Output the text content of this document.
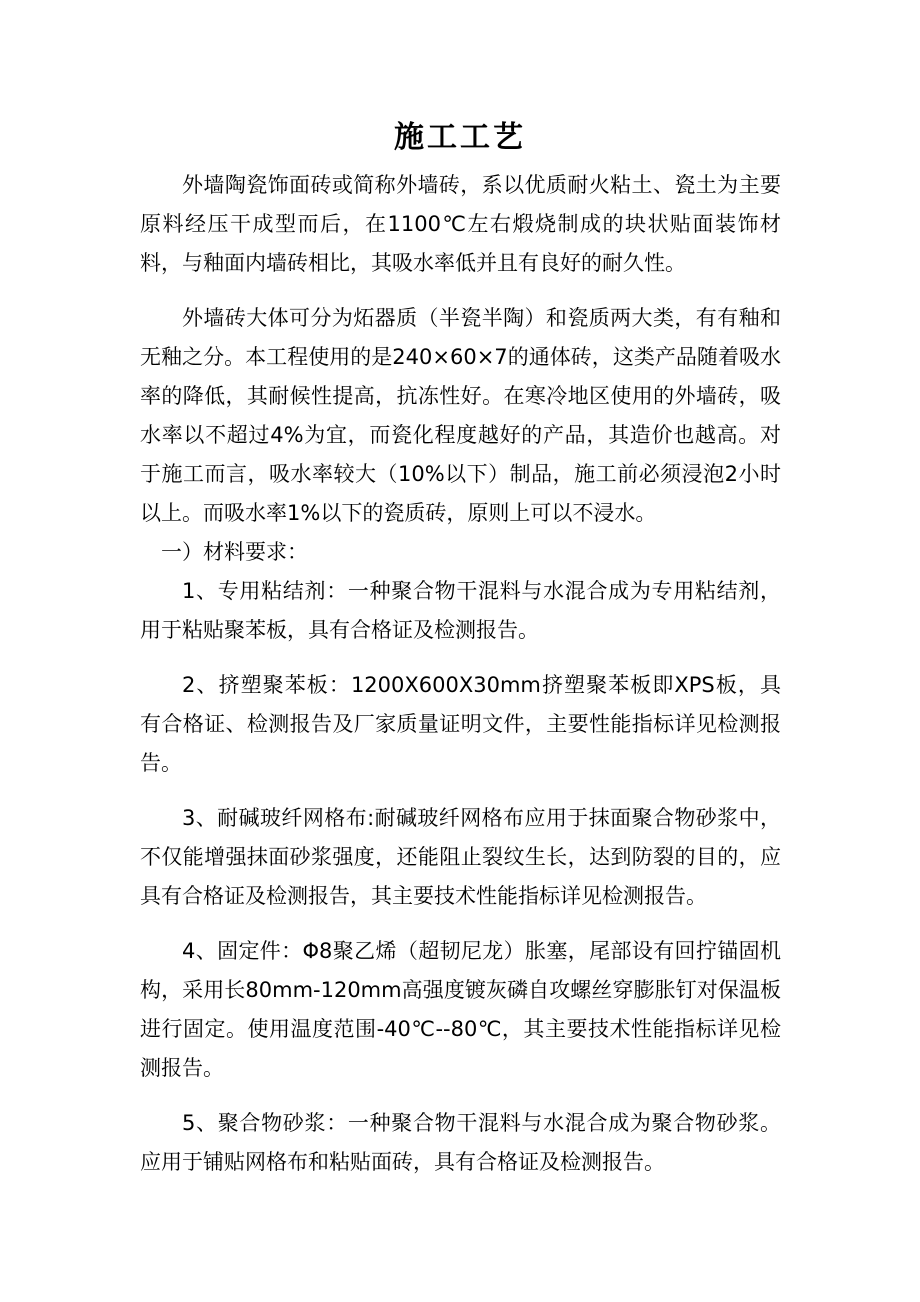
施工工艺

外墙陶瓷饰面砖或简称外墙砖，系以优质耐火粘土、瓷土为主要原料经压干成型而后，在1100℃左右煅烧制成的块状贴面装饰材料，与釉面内墙砖相比，其吸水率低并且有良好的耐久性。

外墙砖大体可分为炻器质（半瓷半陶）和瓷质两大类，有有釉和无釉之分。本工程使用的是240×60×7的通体砖，这类产品随着吸水率的降低，其耐候性提高，抗冻性好。在寒冷地区使用的外墙砖，吸水率以不超过4%为宜，而瓷化程度越好的产品，其造价也越高。对于施工而言，吸水率较大（10%以下）制品，施工前必须浸泡2小时以上。而吸水率1%以下的瓷质砖，原则上可以不浸水。

一）材料要求：

1、专用粘结剂：一种聚合物干混料与水混合成为专用粘结剂，用于粘贴聚苯板，具有合格证及检测报告。

2、挤塑聚苯板：1200X600X30mm挤塑聚苯板即XPS板，具有合格证、检测报告及厂家质量证明文件，主要性能指标详见检测报告。

3、耐碱玻纤网格布:耐碱玻纤网格布应用于抹面聚合物砂浆中，不仅能增强抹面砂浆强度，还能阻止裂纹生长，达到防裂的目的，应具有合格证及检测报告，其主要技术性能指标详见检测报告。

4、固定件：Φ8聚乙烯（超韧尼龙）胀塞，尾部设有回拧锚固机构，采用长80mm-120mm高强度镀灰磷自攻螺丝穿膨胀钉对保温板进行固定。使用温度范围-40℃--80℃，其主要技术性能指标详见检测报告。

5、聚合物砂浆：一种聚合物干混料与水混合成为聚合物砂浆。应用于铺贴网格布和粘贴面砖，具有合格证及检测报告。
